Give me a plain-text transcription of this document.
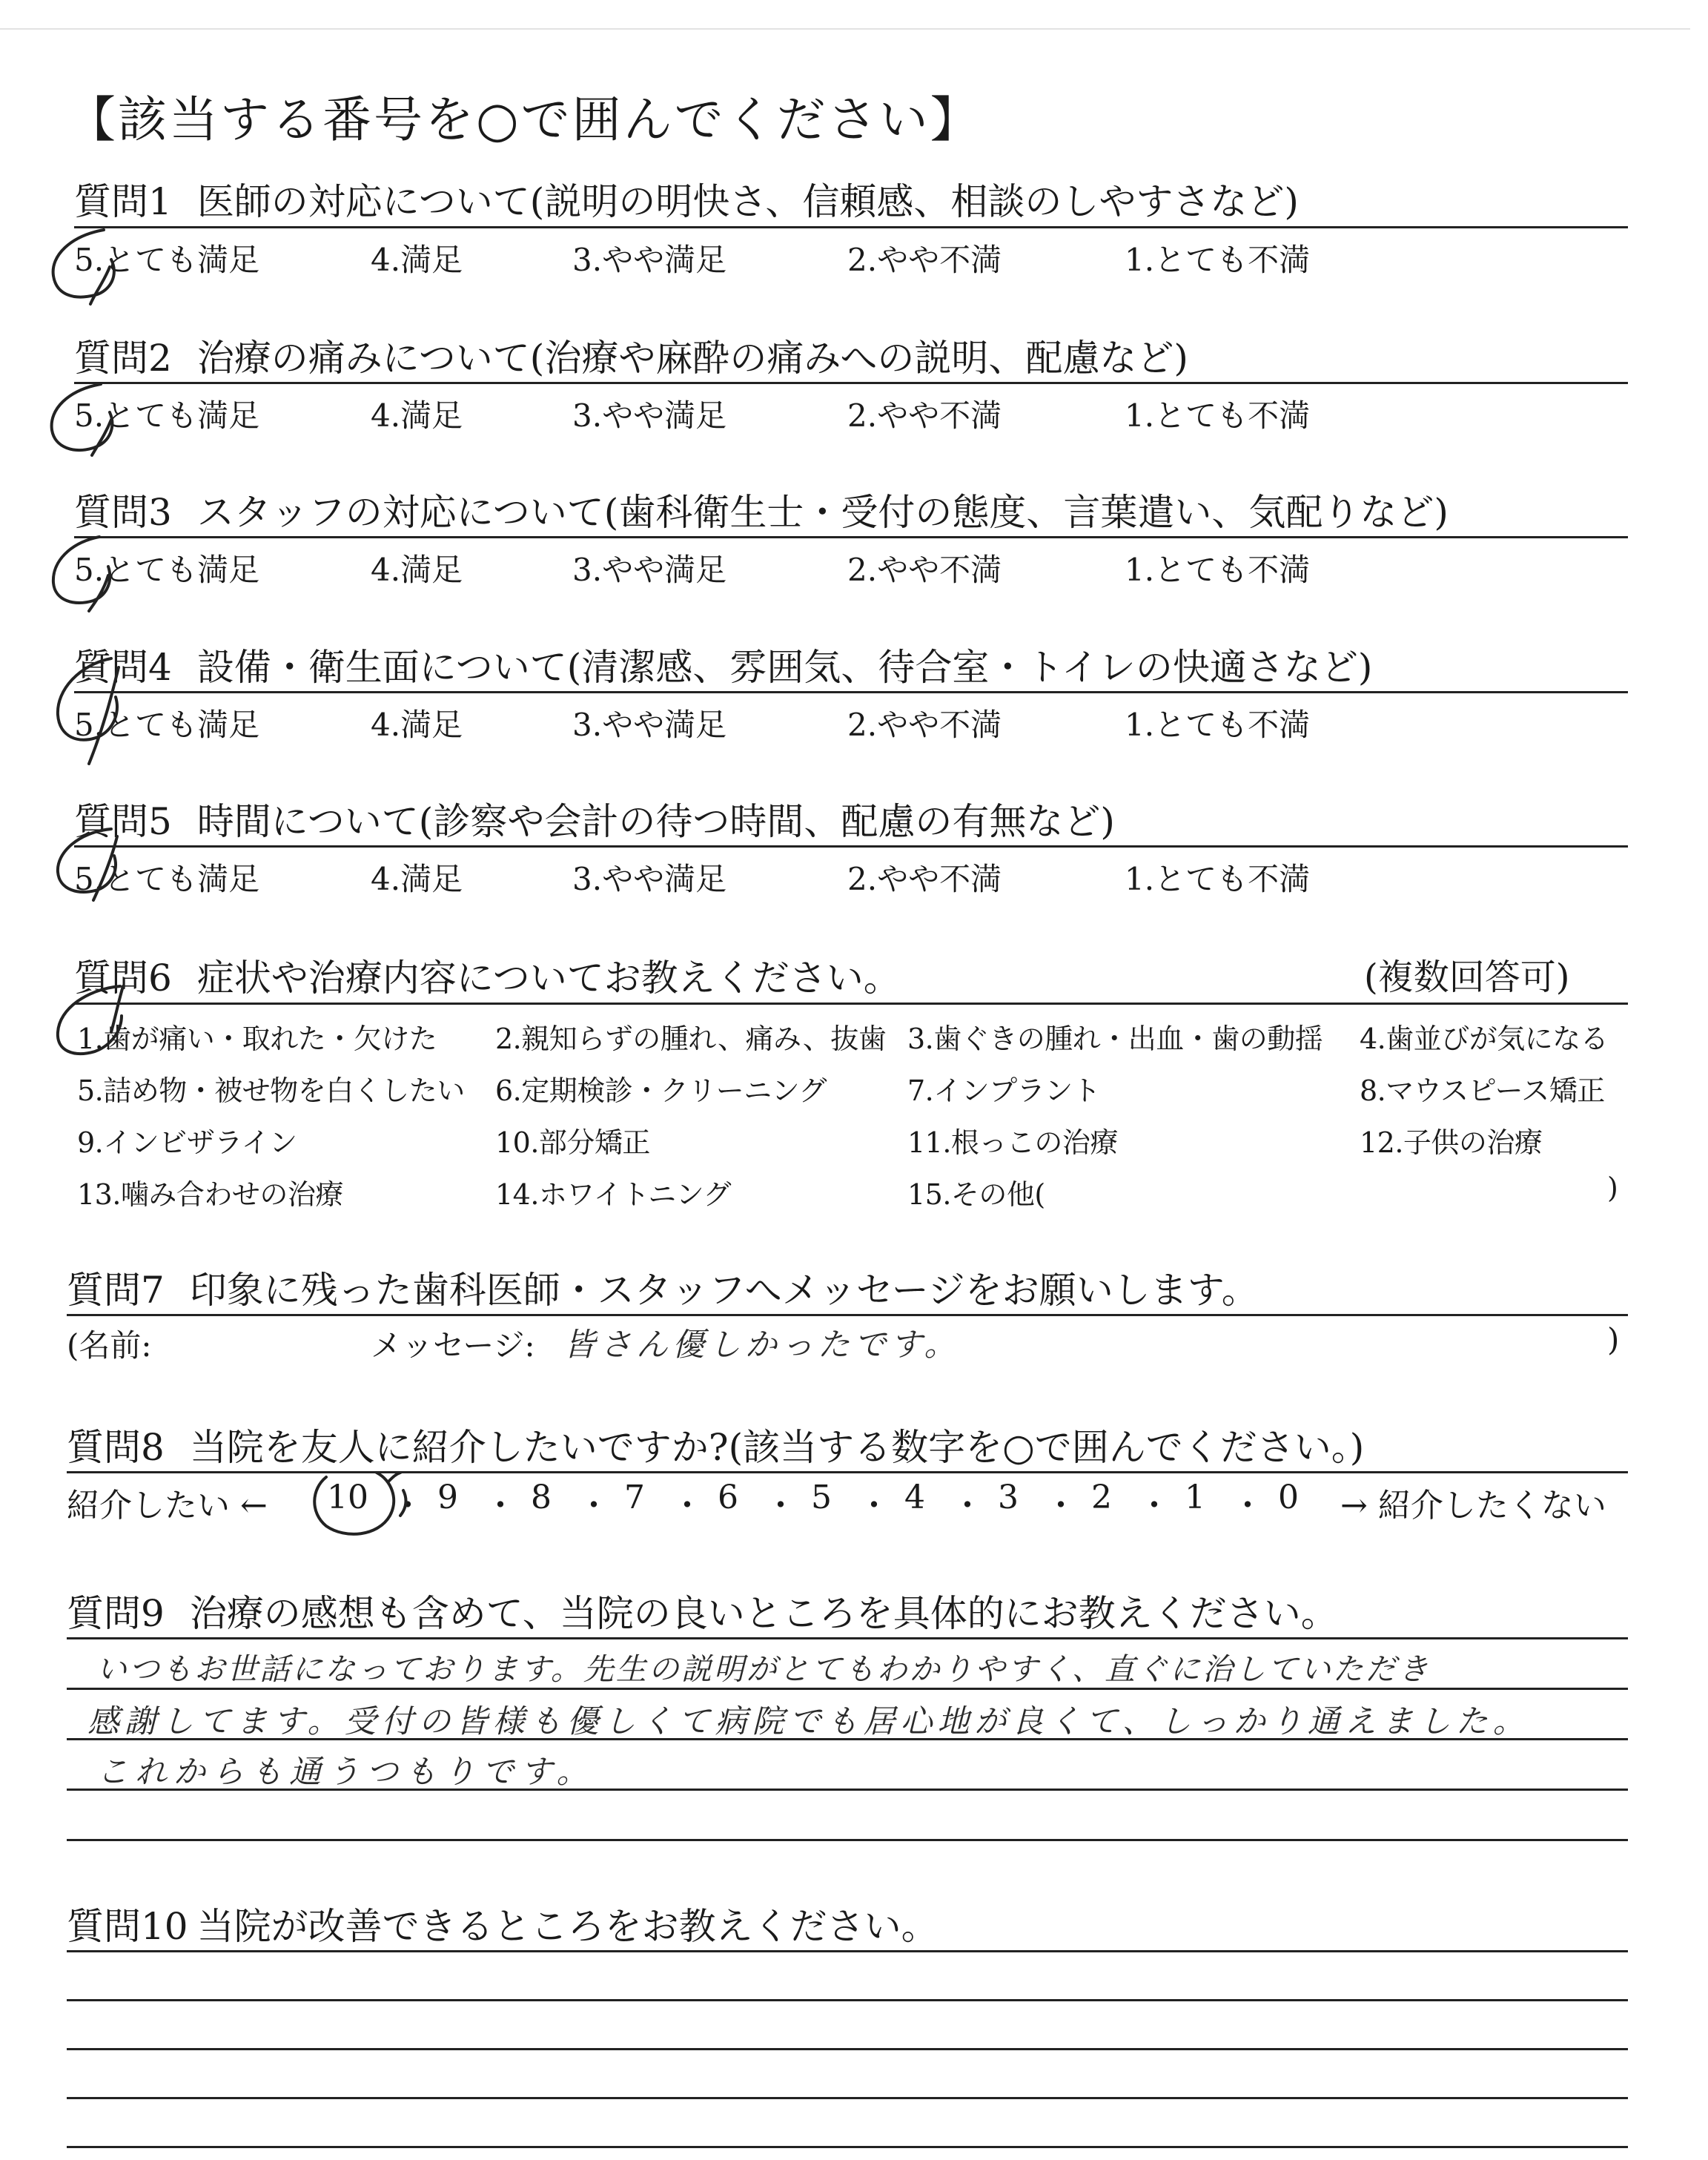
【該当する番号を○で囲んでください】
質問1 医師の対応について(説明の明快さ、信頼感、相談のしやすさなど)
5.とても満足	4.満足	3.やや満足	2.やや不満	1.とても不満
質問2 治療の痛みについて(治療や麻酔の痛みへの説明、配慮など)
5.とても満足	4.満足	3.やや満足	2.やや不満	1.とても不満
質問3 スタッフの対応について(歯科衛生士・受付の態度、言葉遣い、気配りなど)
5.とても満足	4.満足	3.やや満足	2.やや不満	1.とても不満
質問4 設備・衛生面について(清潔感、雰囲気、待合室・トイレの快適さなど)
5.とても満足	4.満足	3.やや満足	2.やや不満	1.とても不満
質問5 時間について(診察や会計の待つ時間、配慮の有無など)
5.とても満足	4.満足	3.やや満足	2.やや不満	1.とても不満
質問6 症状や治療内容についてお教えください。	(複数回答可)
1.歯が痛い・取れた・欠けた 2.親知らずの腫れ、痛み、抜歯 3.歯ぐきの腫れ・出血・歯の動揺 4.歯並びが気になる
5.詰め物・被せ物を白くしたい 6.定期検診・クリーニング	7.インプラント	8.マウスピース矯正
9.インビザライン	10.部分矯正	11.根っこの治療	12.子供の治療
13.噛み合わせの治療	14.ホワイトニング	15.その他(	)
質問7 印象に残った歯科医師・スタッフへメッセージをお願いします。
(名前:	メッセージ: 皆さん優しかったです。	)
質問8 当院を友人に紹介したいですか?(該当する数字を○で囲んでください。)
紹介したい ←	→ 紹介したくない
10 ・ 9 ・ 8 ・ 7 ・ 6 ・ 5 ・ 4 ・ 3 ・ 2 ・ 1 ・ 0
質問9 治療の感想も含めて、当院の良いところを具体的にお教えください。
いつもお世話になっております。先生の説明がとてもわかりやすく、直ぐに治していただき
感謝してます。受付の皆様も優しくて病院でも居心地が良くて、しっかり通えました。
これからも通うつもりです。
質問10 当院が改善できるところをお教えください。
